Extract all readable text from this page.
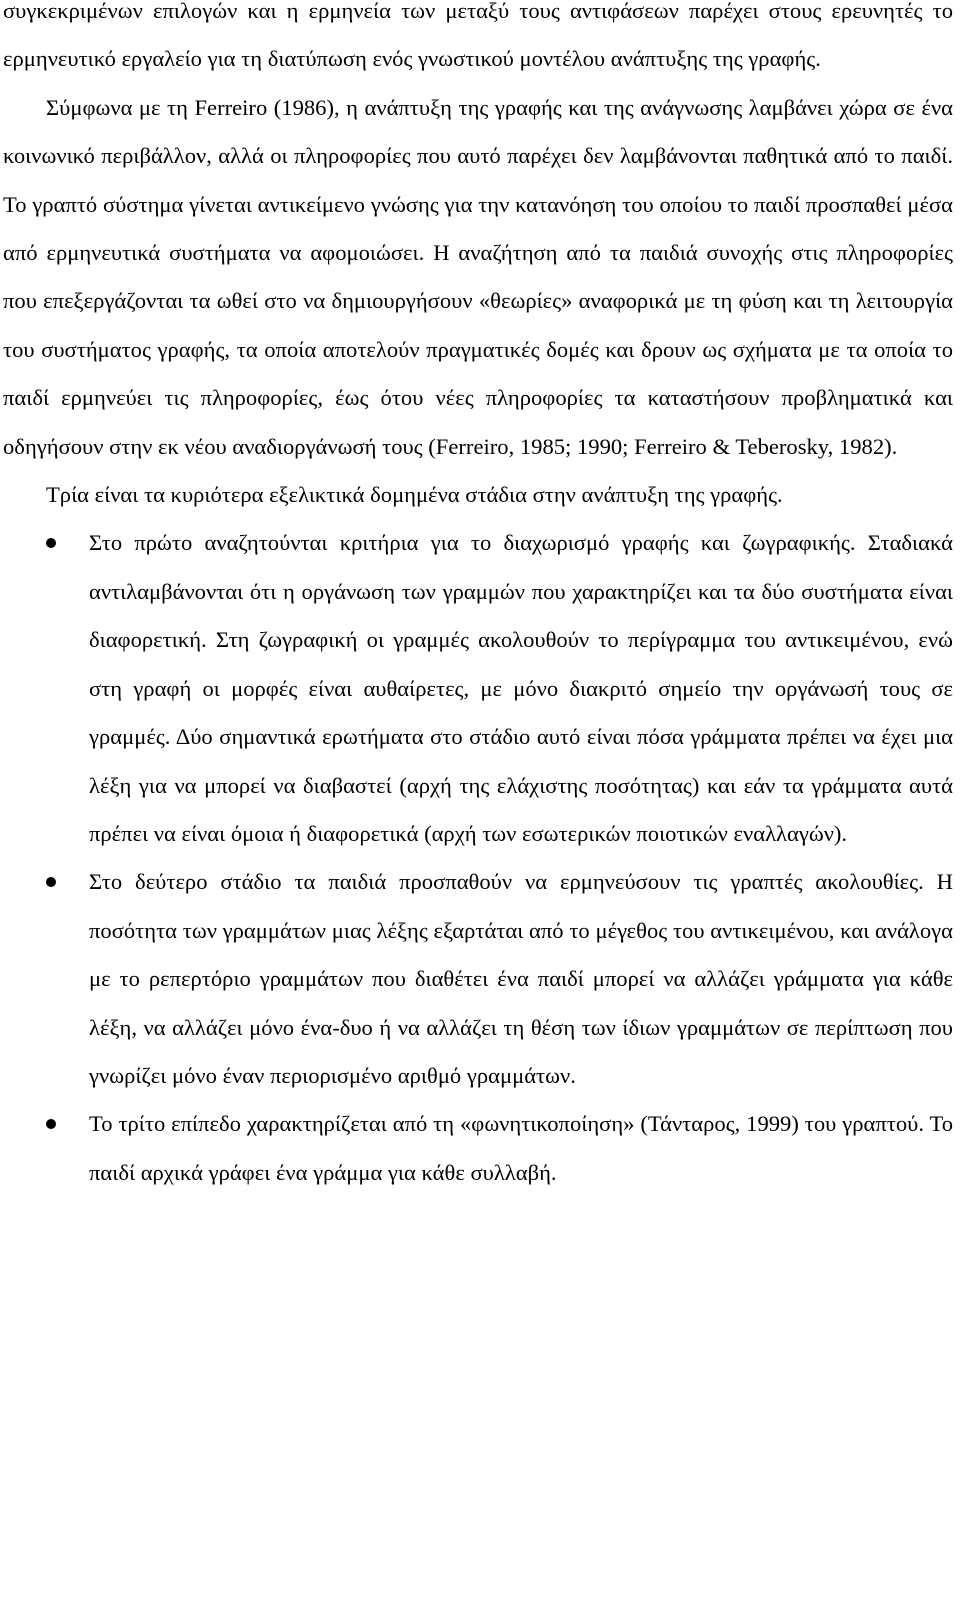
συγκεκριμένων επιλογών και η ερμηνεία των μεταξύ τους αντιφάσεων παρέχει στους ερευνητές το ερμηνευτικό εργαλείο για τη διατύπωση ενός γνωστικού μοντέλου ανάπτυξης της γραφής.

Σύμφωνα με τη Ferreiro (1986), η ανάπτυξη της γραφής και της ανάγνωσης λαμβάνει χώρα σε ένα κοινωνικό περιβάλλον, αλλά οι πληροφορίες που αυτό παρέχει δεν λαμβάνονται παθητικά από το παιδί. Το γραπτό σύστημα γίνεται αντικείμενο γνώσης για την κατανόηση του οποίου το παιδί προσπαθεί μέσα από ερμηνευτικά συστήματα να αφομοιώσει. Η αναζήτηση από τα παιδιά συνοχής στις πληροφορίες που επεξεργάζονται τα ωθεί στο να δημιουργήσουν «θεωρίες» αναφορικά με τη φύση και τη λειτουργία του συστήματος γραφής, τα οποία αποτελούν πραγματικές δομές και δρουν ως σχήματα με τα οποία το παιδί ερμηνεύει τις πληροφορίες, έως ότου νέες πληροφορίες τα καταστήσουν προβληματικά και οδηγήσουν στην εκ νέου αναδιοργάνωσή τους (Ferreiro, 1985; 1990; Ferreiro & Teberosky, 1982).

Τρία είναι τα κυριότερα εξελικτικά δομημένα στάδια στην ανάπτυξη της γραφής.

Στο πρώτο αναζητούνται κριτήρια για το διαχωρισμό γραφής και ζωγραφικής. Σταδιακά αντιλαμβάνονται ότι η οργάνωση των γραμμών που χαρακτηρίζει και τα δύο συστήματα είναι διαφορετική. Στη ζωγραφική οι γραμμές ακολουθούν το περίγραμμα του αντικειμένου, ενώ στη γραφή οι μορφές είναι αυθαίρετες, με μόνο διακριτό σημείο την οργάνωσή τους σε γραμμές. Δύο σημαντικά ερωτήματα στο στάδιο αυτό είναι πόσα γράμματα πρέπει να έχει μια λέξη για να μπορεί να διαβαστεί (αρχή της ελάχιστης ποσότητας) και εάν τα γράμματα αυτά πρέπει να είναι όμοια ή διαφορετικά (αρχή των εσωτερικών ποιοτικών εναλλαγών).
Στο δεύτερο στάδιο τα παιδιά προσπαθούν να ερμηνεύσουν τις γραπτές ακολουθίες. Η ποσότητα των γραμμάτων μιας λέξης εξαρτάται από το μέγεθος του αντικειμένου, και ανάλογα με το ρεπερτόριο γραμμάτων που διαθέτει ένα παιδί μπορεί να αλλάζει γράμματα για κάθε λέξη, να αλλάζει μόνο ένα-δυο ή να αλλάζει τη θέση των ίδιων γραμμάτων σε περίπτωση που γνωρίζει μόνο έναν περιορισμένο αριθμό γραμμάτων.
Το τρίτο επίπεδο χαρακτηρίζεται από τη «φωνητικοποίηση» (Τάνταρος, 1999) του γραπτού. Το παιδί αρχικά γράφει ένα γράμμα για κάθε συλλαβή.
